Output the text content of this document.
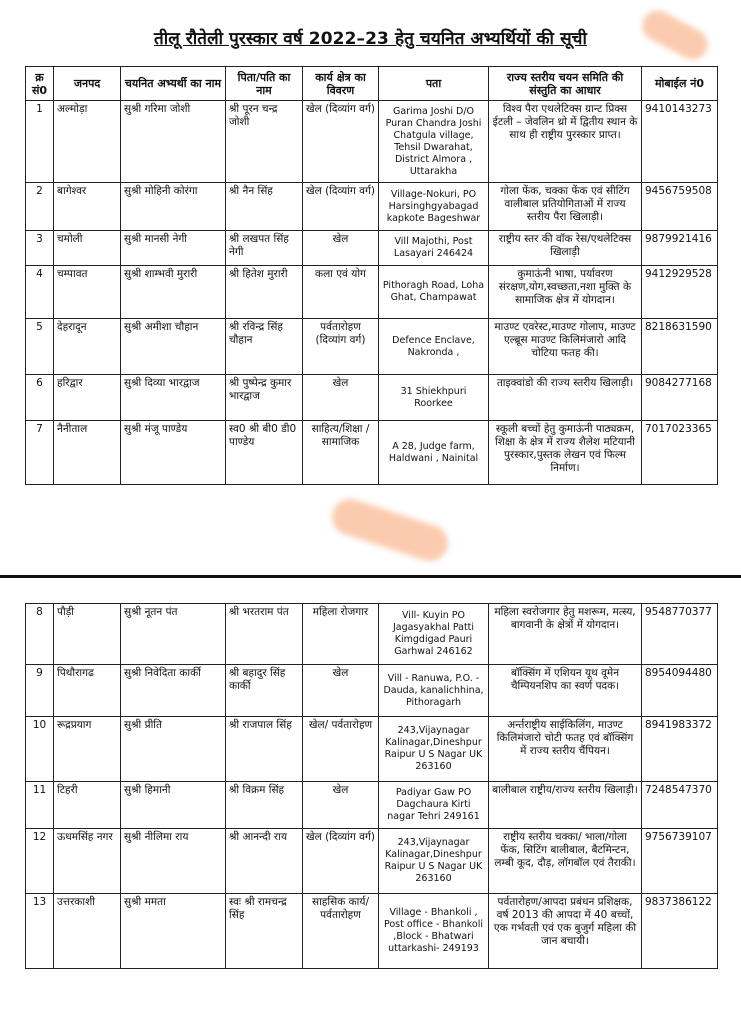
तीलू रौतेली पुरस्कार वर्ष 2022–23 हेतु चयनित अभ्यर्थियों की सूची
क्र सं0	जनपद	चयनित अभ्यर्थी का नाम	पिता/पति का नाम	कार्य क्षेत्र का विवरण	पता	राज्य स्तरीय चयन समिति की संस्तुति का आधार	मोबाईल नं0
1	अल्मोड़ा	सुश्री गरिमा जोशी	श्री पूरन चन्द्र जोशी	खेल (दिव्यांग वर्ग)	Garima Joshi D/O Puran Chandra Joshi Chatgula village, Tehsil Dwarahat, District Almora , Uttarakha	विश्व पैरा एथलेटिक्स ग्रान्ट प्रिक्स ईटली – जेवलिन थ्रो में द्वितीय स्थान के साथ ही राष्ट्रीय पुरस्कार प्राप्त।	9410143273
2	बागेश्वर	सुश्री मोहिनी कोरंगा	श्री नैन सिंह	खेल (दिव्यांग वर्ग)	Village-Nokuri, PO Harsinghgyabagad kapkote Bageshwar	गोला फेंक, चक्का फेंक एवं सीटिंग वालीबाल प्रतियोगिताओं में राज्य स्तरीय पैरा खिलाड़ी।	9456759508
3	चमोली	सुश्री मानसी नेगी	श्री लखपत सिंह नेगी	खेल	Vill Majothi, Post Lasayari 246424	राष्ट्रीय स्तर की वॉक रेस/एथलेटिक्स खिलाड़ी	9879921416
4	चम्पावत	सुश्री शाम्भवी मुरारी	श्री हितेश मुरारी	कला एवं योग	Pithoragh Road, Loha Ghat, Champawat	कुमाऊंनी भाषा, पर्यावरण संरक्षण,योग,स्वच्छता,नशा मुक्ति के सामाजिक क्षेत्र में योगदान।	9412929528
5	देहरादून	सुश्री अमीशा चौहान	श्री रविन्द्र सिंह चौहान	पर्वतारोहण (दिव्यांग वर्ग)	Defence Enclave, Nakronda ,	माउण्ट एवरेस्ट,माउण्ट गोलाप, माउण्ट एल्ब्रूस माउण्ट किलिमंजारो आदि चोटिया फतह की।	8218631590
6	हरिद्वार	सुश्री दिव्या भारद्वाज	श्री पुष्पेन्द्र कुमार भारद्वाज	खेल	31 Shiekhpuri Roorkee	ताइक्वांडो की राज्य स्तरीय खिलाड़ी।	9084277168
7	नैनीताल	सुश्री मंजू पाण्डेय	स्व0 श्री बी0 डी0 पाण्डेय	साहित्य/शिक्षा /सामाजिक	A 28, Judge farm, Haldwani , Nainital	स्कूली बच्चों हेतु कुमाऊंनी पाठ्यक्रम, शिक्षा के क्षेत्र में राज्य शैलेश मटियानी पुरस्कार,पुस्तक लेखन एवं फिल्म निर्माण।	7017023365
8	पौड़ी	सुश्री नूतन पंत	श्री भरतराम पंत	महिला रोजगार	Vill- Kuyin PO Jagasyakhal Patti Kimgdigad Pauri Garhwal 246162	महिला स्वरोजगार हेतु मशरूम, मत्स्य, बागवानी के क्षेत्रों में योगदान।	9548770377
9	पिथौरागढ	सुश्री निवेदिता कार्की	श्री बहादुर सिंह कार्की	खेल	Vill - Ranuwa, P.O. - Dauda, kanalichhina, Pithoragarh	बॉक्सिंग में एशियन यूथ वूमेन चैम्पियनशिप का स्वर्ण पदक।	8954094480
10	रूद्रप्रयाग	सुश्री प्रीति	श्री राजपाल सिंह	खेल/ पर्वतारोहण	243,Vijaynagar Kalinagar,Dineshpur Raipur U S Nagar UK 263160	अर्न्तराष्ट्रीय साईकिलिंग, माउण्ट किलिमंजारो चोटी फतह एवं बॉक्सिंग में राज्य स्तरीय चैंपियन।	8941983372
11	टिहरी	सुश्री हिमानी	श्री विक्रम सिंह	खेल	Padiyar Gaw PO Dagchaura Kirti nagar Tehri 249161	बालीबाल राष्ट्रीय/राज्य स्तरीय खिलाड़ी।	7248547370
12	ऊधमसिंह नगर	सुश्री नीलिमा राय	श्री आनन्दी राय	खेल (दिव्यांग वर्ग)	243,Vijaynagar Kalinagar,Dineshpur Raipur U S Nagar UK 263160	राष्ट्रीय स्तरीय चक्का/ भाला/गोला फेंक, सिटिंग बालीबाल, बैटमिन्टन, लम्बी कूद, दौड़, लॉगबॉल एवं तैराकी।	9756739107
13	उत्तरकाशी	सुश्री ममता	स्वः श्री रामचन्द्र सिंह	साहसिक कार्य/ पर्वतारोहण	Village - Bhankoli , Post office - Bhankoli ,Block - Bhatwari uttarkashi- 249193	पर्वतारोहण/आपदा प्रबंधन प्रशिक्षक, वर्ष 2013 की आपदा में 40 बच्चों, एक गर्भवती एवं एक बुजुर्ग महिला की जान बचायी।	9837386122
